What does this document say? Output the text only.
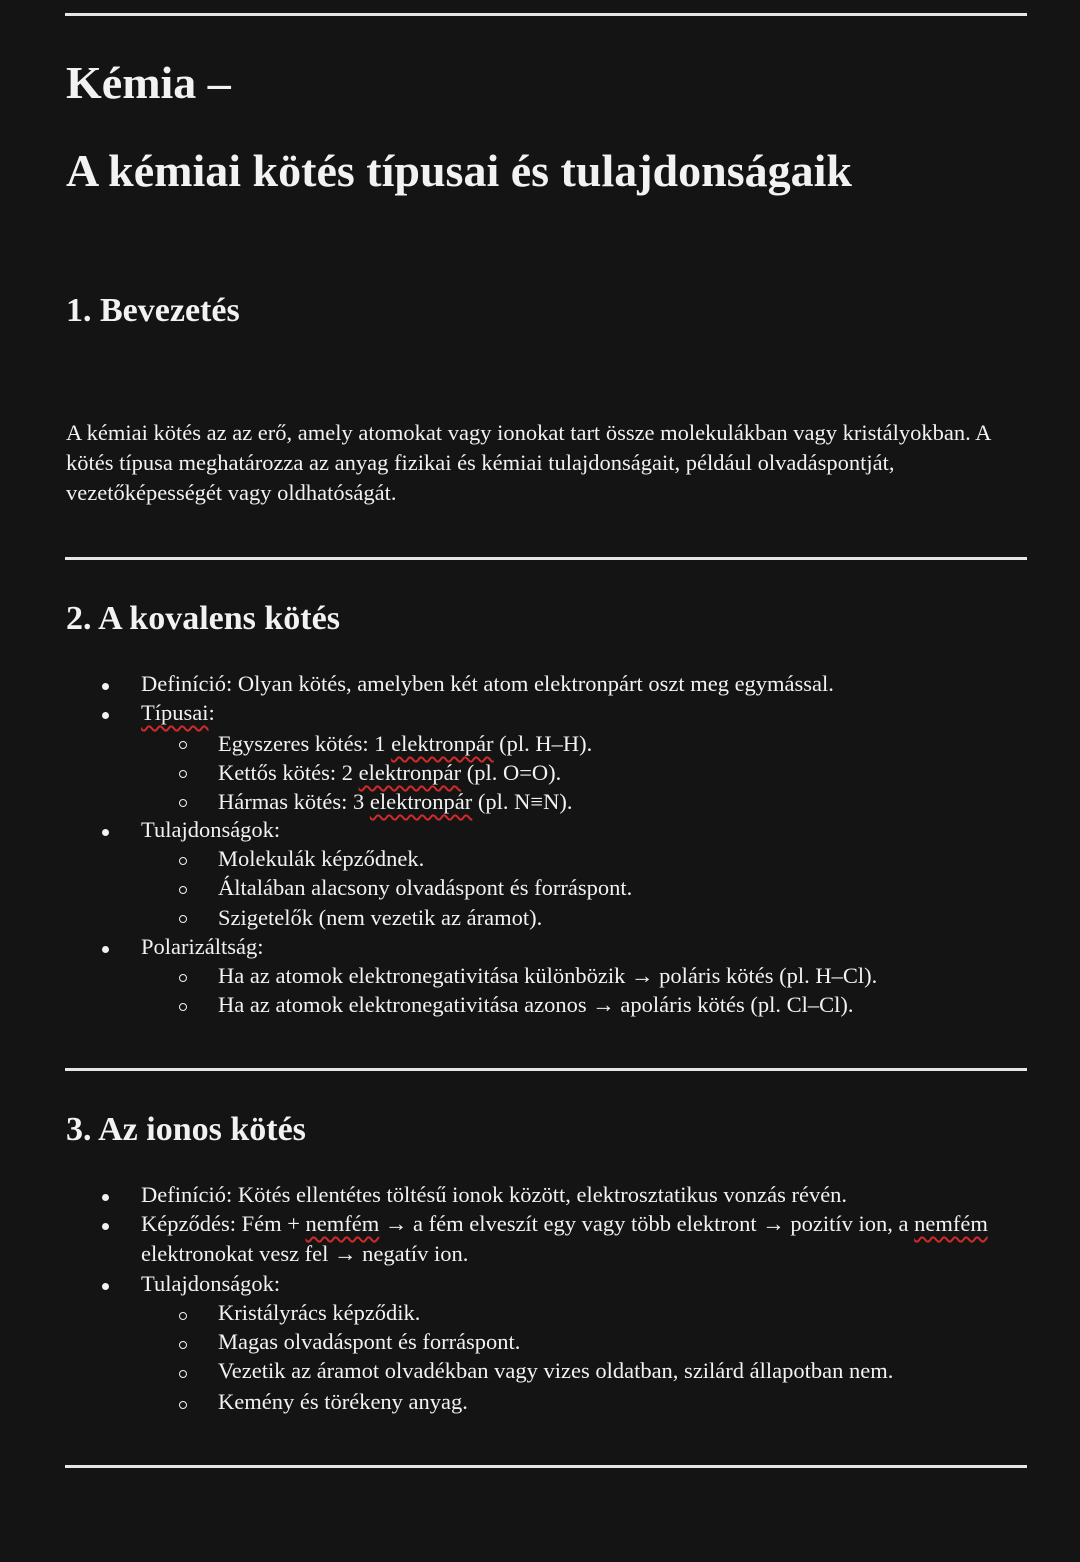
Kémia –
A kémiai kötés típusai és tulajdonságaik
1. Bevezetés

A kémiai kötés az az erő, amely atomokat vagy ionokat tart össze molekulákban vagy kristályokban. A kötés típusa meghatározza az anyag fizikai és kémiai tulajdonságait, például olvadáspontját, vezetőképességét vagy oldhatóságát.

2. A kovalens kötés
Definíció: Olyan kötés, amelyben két atom elektronpárt oszt meg egymással.
Típusai:
Egyszeres kötés: 1 elektronpár (pl. H–H).
Kettős kötés: 2 elektronpár (pl. O=O).
Hármas kötés: 3 elektronpár (pl. N≡N).
Tulajdonságok:
Molekulák képződnek.
Általában alacsony olvadáspont és forráspont.
Szigetelők (nem vezetik az áramot).
Polarizáltság:
Ha az atomok elektronegativitása különbözik → poláris kötés (pl. H–Cl).
Ha az atomok elektronegativitása azonos → apoláris kötés (pl. Cl–Cl).
3. Az ionos kötés
Definíció: Kötés ellentétes töltésű ionok között, elektrosztatikus vonzás révén.
Képződés: Fém + nemfém → a fém elveszít egy vagy több elektront → pozitív ion, a nemfém elektronokat vesz fel → negatív ion.
Tulajdonságok:
Kristályrács képződik.
Magas olvadáspont és forráspont.
Vezetik az áramot olvadékban vagy vizes oldatban, szilárd állapotban nem.
Kemény és törékeny anyag.
